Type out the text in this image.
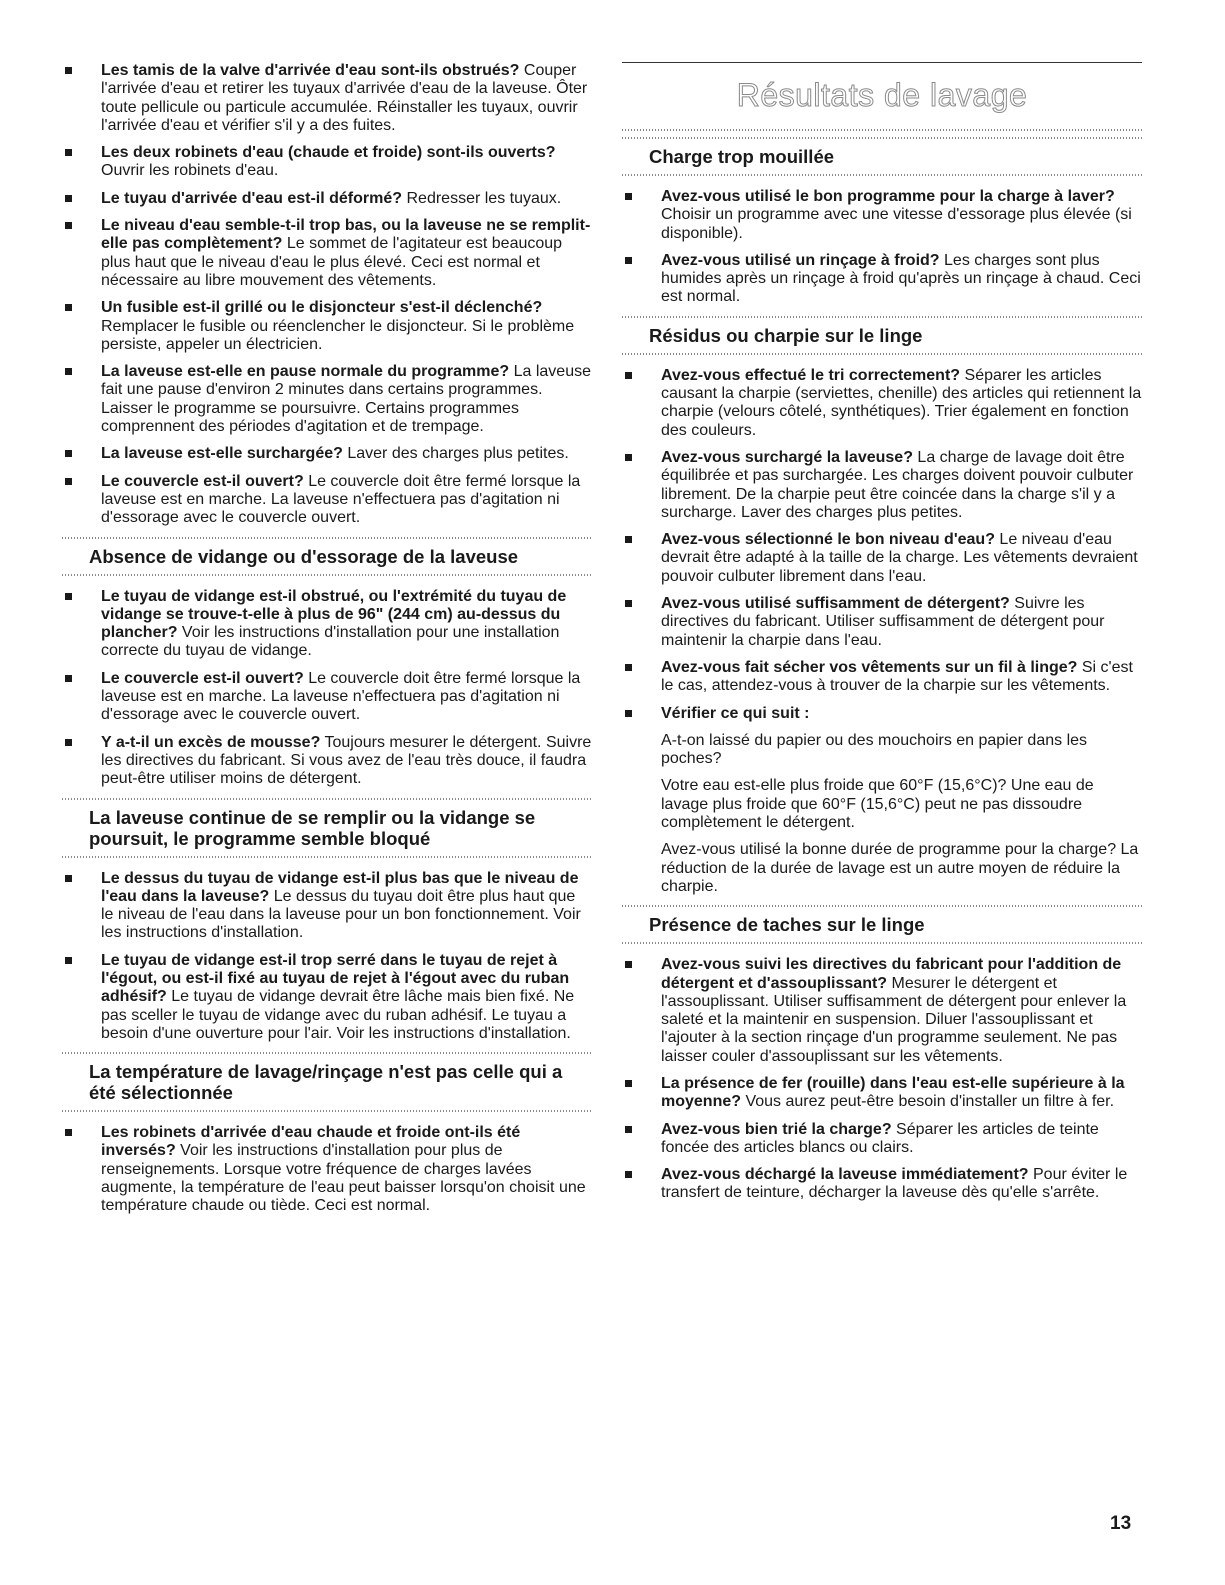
Les tamis de la valve d'arrivée d'eau sont-ils obstrués? Couper l'arrivée d'eau et retirer les tuyaux d'arrivée d'eau de la laveuse. Ôter toute pellicule ou particule accumulée. Réinstaller les tuyaux, ouvrir l'arrivée d'eau et vérifier s'il y a des fuites.
Les deux robinets d'eau (chaude et froide) sont-ils ouverts? Ouvrir les robinets d'eau.
Le tuyau d'arrivée d'eau est-il déformé? Redresser les tuyaux.
Le niveau d'eau semble-t-il trop bas, ou la laveuse ne se remplit-elle pas complètement? Le sommet de l'agitateur est beaucoup plus haut que le niveau d'eau le plus élevé. Ceci est normal et nécessaire au libre mouvement des vêtements.
Un fusible est-il grillé ou le disjoncteur s'est-il déclenché? Remplacer le fusible ou réenclencher le disjoncteur. Si le problème persiste, appeler un électricien.
La laveuse est-elle en pause normale du programme? La laveuse fait une pause d'environ 2 minutes dans certains programmes. Laisser le programme se poursuivre. Certains programmes comprennent des périodes d'agitation et de trempage.
La laveuse est-elle surchargée? Laver des charges plus petites.
Le couvercle est-il ouvert? Le couvercle doit être fermé lorsque la laveuse est en marche. La laveuse n'effectuera pas d'agitation ni d'essorage avec le couvercle ouvert.
Absence de vidange ou d'essorage de la laveuse
Le tuyau de vidange est-il obstrué, ou l'extrémité du tuyau de vidange se trouve-t-elle à plus de 96" (244 cm) au-dessus du plancher? Voir les instructions d'installation pour une installation correcte du tuyau de vidange.
Le couvercle est-il ouvert? Le couvercle doit être fermé lorsque la laveuse est en marche. La laveuse n'effectuera pas d'agitation ni d'essorage avec le couvercle ouvert.
Y a-t-il un excès de mousse? Toujours mesurer le détergent. Suivre les directives du fabricant. Si vous avez de l'eau très douce, il faudra peut-être utiliser moins de détergent.
La laveuse continue de se remplir ou la vidange se poursuit, le programme semble bloqué
Le dessus du tuyau de vidange est-il plus bas que le niveau de l'eau dans la laveuse? Le dessus du tuyau doit être plus haut que le niveau de l'eau dans la laveuse pour un bon fonctionnement. Voir les instructions d'installation.
Le tuyau de vidange est-il trop serré dans le tuyau de rejet à l'égout, ou est-il fixé au tuyau de rejet à l'égout avec du ruban adhésif? Le tuyau de vidange devrait être lâche mais bien fixé. Ne pas sceller le tuyau de vidange avec du ruban adhésif. Le tuyau a besoin d'une ouverture pour l'air. Voir les instructions d'installation.
La température de lavage/rinçage n'est pas celle qui a été sélectionnée
Les robinets d'arrivée d'eau chaude et froide ont-ils été inversés? Voir les instructions d'installation pour plus de renseignements. Lorsque votre fréquence de charges lavées augmente, la température de l'eau peut baisser lorsqu'on choisit une température chaude ou tiède. Ceci est normal.
Résultats de lavage
Charge trop mouillée
Avez-vous utilisé le bon programme pour la charge à laver? Choisir un programme avec une vitesse d'essorage plus élevée (si disponible).
Avez-vous utilisé un rinçage à froid? Les charges sont plus humides après un rinçage à froid qu'après un rinçage à chaud. Ceci est normal.
Résidus ou charpie sur le linge
Avez-vous effectué le tri correctement? Séparer les articles causant la charpie (serviettes, chenille) des articles qui retiennent la charpie (velours côtelé, synthétiques). Trier également en fonction des couleurs.
Avez-vous surchargé la laveuse? La charge de lavage doit être équilibrée et pas surchargée. Les charges doivent pouvoir culbuter librement. De la charpie peut être coincée dans la charge s'il y a surcharge. Laver des charges plus petites.
Avez-vous sélectionné le bon niveau d'eau? Le niveau d'eau devrait être adapté à la taille de la charge. Les vêtements devraient pouvoir culbuter librement dans l'eau.
Avez-vous utilisé suffisamment de détergent? Suivre les directives du fabricant. Utiliser suffisamment de détergent pour maintenir la charpie dans l'eau.
Avez-vous fait sécher vos vêtements sur un fil à linge? Si c'est le cas, attendez-vous à trouver de la charpie sur les vêtements.
Vérifier ce qui suit :

A-t-on laissé du papier ou des mouchoirs en papier dans les poches?

Votre eau est-elle plus froide que 60°F (15,6°C)? Une eau de lavage plus froide que 60°F (15,6°C) peut ne pas dissoudre complètement le détergent.

Avez-vous utilisé la bonne durée de programme pour la charge? La réduction de la durée de lavage est un autre moyen de réduire la charpie.

Présence de taches sur le linge
Avez-vous suivi les directives du fabricant pour l'addition de détergent et d'assouplissant? Mesurer le détergent et l'assouplissant. Utiliser suffisamment de détergent pour enlever la saleté et la maintenir en suspension. Diluer l'assouplissant et l'ajouter à la section rinçage d'un programme seulement. Ne pas laisser couler d'assouplissant sur les vêtements.
La présence de fer (rouille) dans l'eau est-elle supérieure à la moyenne? Vous aurez peut-être besoin d'installer un filtre à fer.
Avez-vous bien trié la charge? Séparer les articles de teinte foncée des articles blancs ou clairs.
Avez-vous déchargé la laveuse immédiatement? Pour éviter le transfert de teinture, décharger la laveuse dès qu'elle s'arrête.
13
